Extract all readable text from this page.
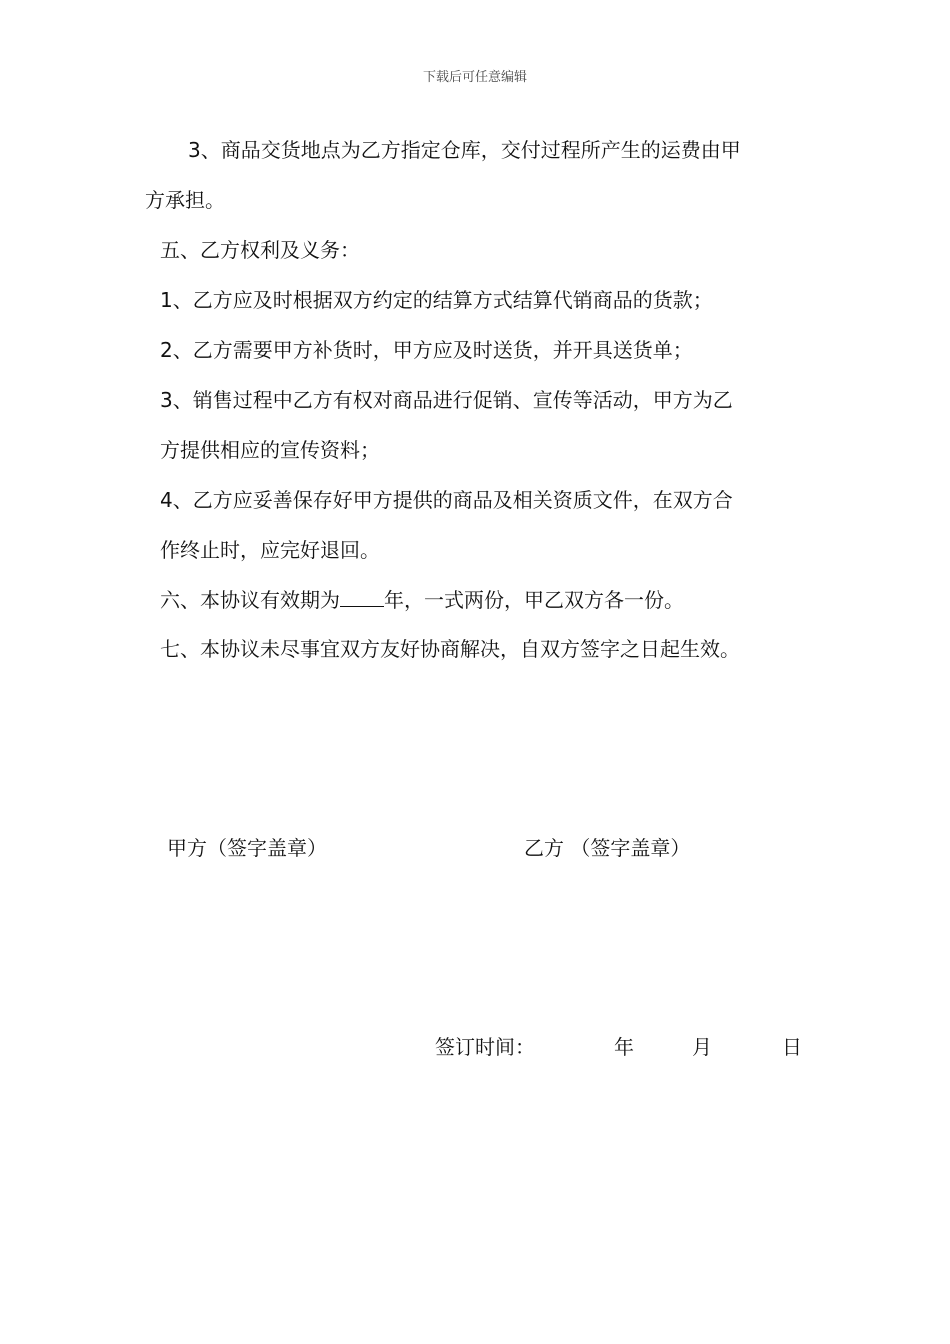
下载后可任意编辑
3、商品交货地点为乙方指定仓库，交付过程所产生的运费由甲
方承担。
五、乙方权利及义务：
1、乙方应及时根据双方约定的结算方式结算代销商品的货款；
2、乙方需要甲方补货时，甲方应及时送货，并开具送货单；
3、销售过程中乙方有权对商品进行促销、宣传等活动，甲方为乙
方提供相应的宣传资料；
4、乙方应妥善保存好甲方提供的商品及相关资质文件，在双方合
作终止时，应完好退回。
六、本协议有效期为 年，一式两份，甲乙双方各一份。
七、本协议未尽事宜双方友好协商解决，自双方签字之日起生效。
甲方（签字盖章）	乙方 （签字盖章）
签订时间：	年	月	日
